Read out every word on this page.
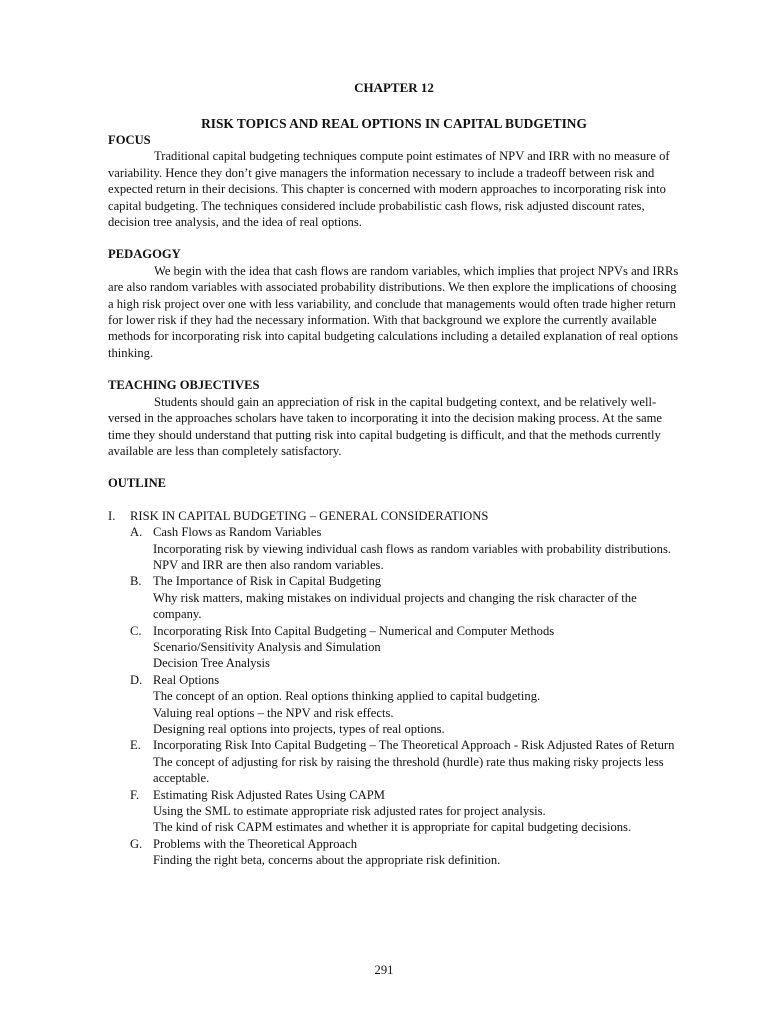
CHAPTER 12

RISK TOPICS AND REAL OPTIONS IN CAPITAL BUDGETING

FOCUS

Traditional capital budgeting techniques compute point estimates of NPV and IRR with no measure of variability. Hence they don’t give managers the information necessary to include a tradeoff between risk and expected return in their decisions. This chapter is concerned with modern approaches to incorporating risk into capital budgeting. The techniques considered include probabilistic cash flows, risk adjusted discount rates, decision tree analysis, and the idea of real options.

PEDAGOGY

We begin with the idea that cash flows are random variables, which implies that project NPVs and IRRs are also random variables with associated probability distributions. We then explore the implications of choosing a high risk project over one with less variability, and conclude that managements would often trade higher return for lower risk if they had the necessary information. With that background we explore the currently available methods for incorporating risk into capital budgeting calculations including a detailed explanation of real options thinking.

TEACHING OBJECTIVES

Students should gain an appreciation of risk in the capital budgeting context, and be relatively well-versed in the approaches scholars have taken to incorporating it into the decision making process. At the same time they should understand that putting risk into capital budgeting is difficult, and that the methods currently available are less than completely satisfactory.

OUTLINE

I.	RISK IN CAPITAL BUDGETING – GENERAL CONSIDERATIONS
A. Cash Flows as Random Variables
Incorporating risk by viewing individual cash flows as random variables with probability distributions.
NPV and IRR are then also random variables.
B. The Importance of Risk in Capital Budgeting
Why risk matters, making mistakes on individual projects and changing the risk character of the company.
C. Incorporating Risk Into Capital Budgeting – Numerical and Computer Methods
Scenario/Sensitivity Analysis and Simulation
Decision Tree Analysis
D. Real Options
The concept of an option. Real options thinking applied to capital budgeting.
Valuing real options – the NPV and risk effects.
Designing real options into projects, types of real options.
E. Incorporating Risk Into Capital Budgeting – The Theoretical Approach - Risk Adjusted Rates of Return
The concept of adjusting for risk by raising the threshold (hurdle) rate thus making risky projects less acceptable.
F.	Estimating Risk Adjusted Rates Using CAPM
Using the SML to estimate appropriate risk adjusted rates for project analysis.
The kind of risk CAPM estimates and whether it is appropriate for capital budgeting decisions.
G. Problems with the Theoretical Approach
Finding the right beta, concerns about the appropriate risk definition.
291
